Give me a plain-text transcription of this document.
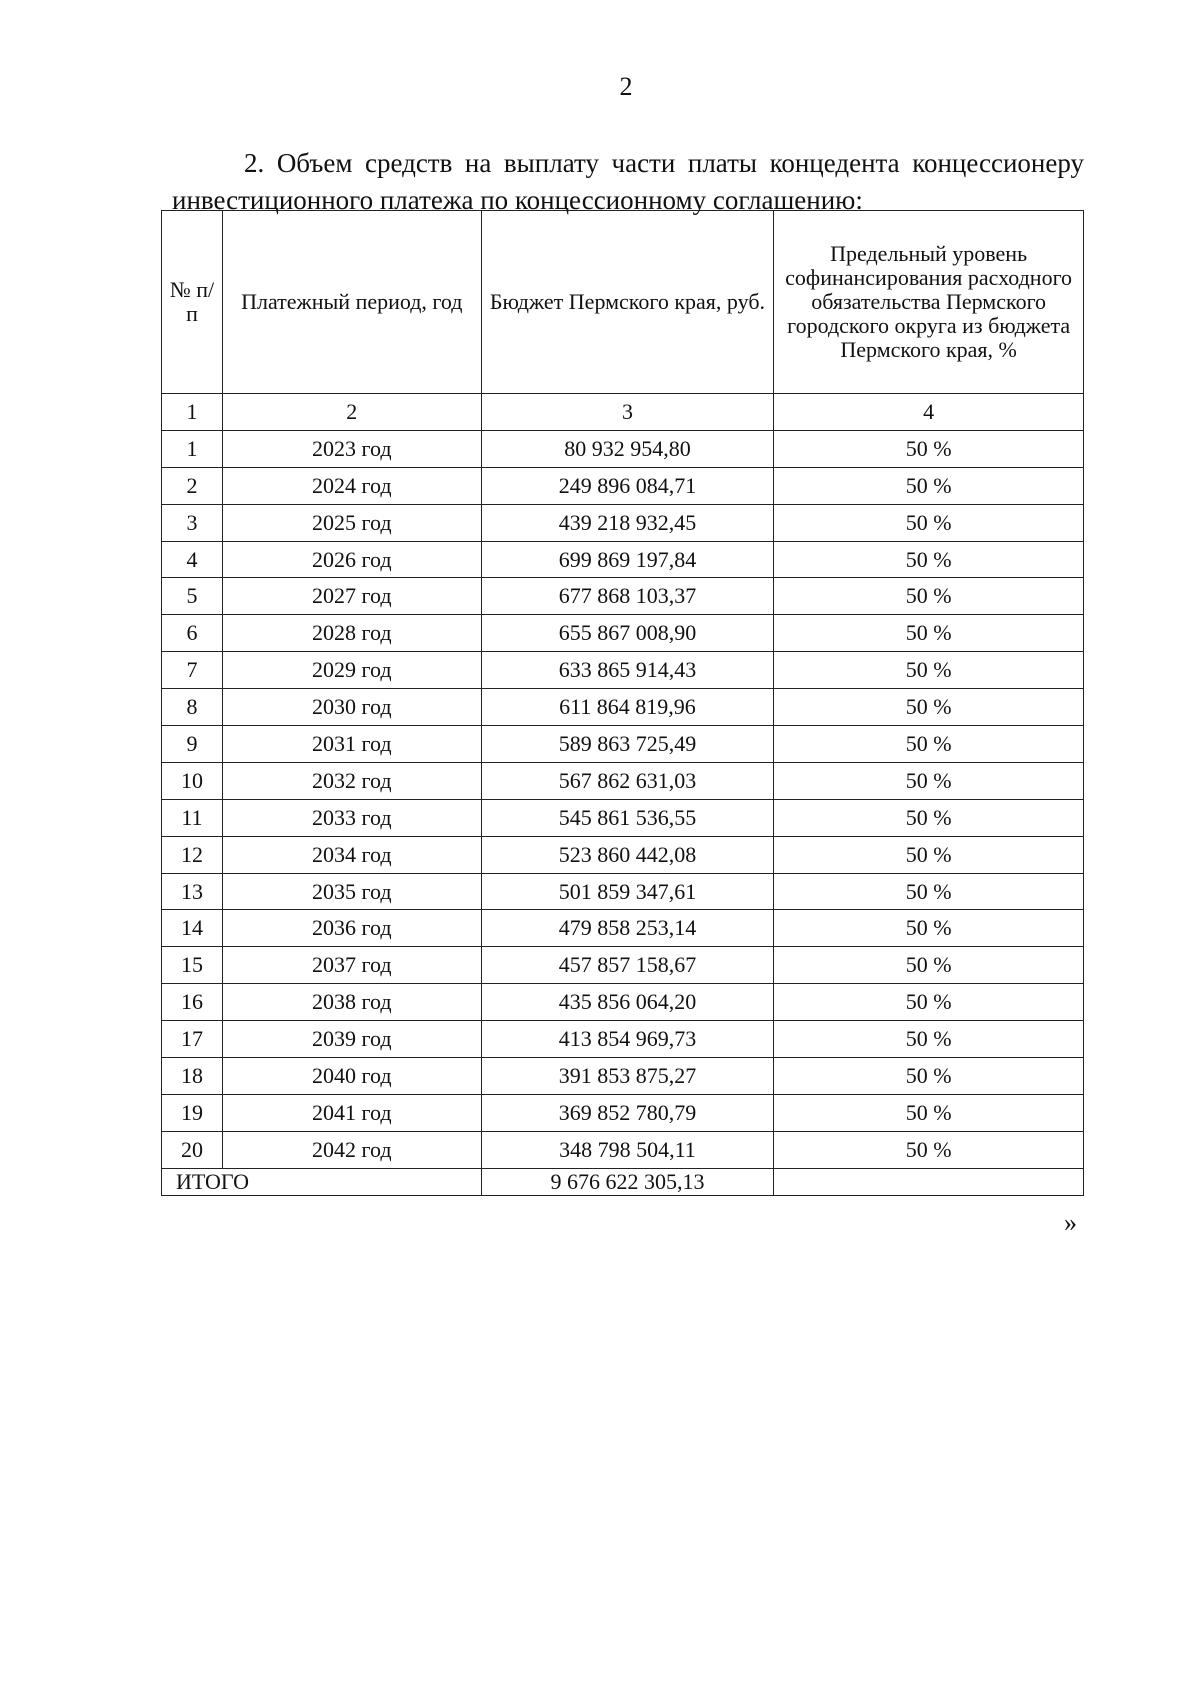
2

2. Объем средств на выплату части платы концедента концессионеру инвестиционного платежа по концессионному соглашению:

№ п/п	Платежный период, год	Бюджет Пермского края, руб.	Предельный уровень софинансирования расходного обязательства Пермского городского округа из бюджета Пермского края, %
1	2	3	4
1	2023 год	80 932 954,80	50 %
2	2024 год	249 896 084,71	50 %
3	2025 год	439 218 932,45	50 %
4	2026 год	699 869 197,84	50 %
5	2027 год	677 868 103,37	50 %
6	2028 год	655 867 008,90	50 %
7	2029 год	633 865 914,43	50 %
8	2030 год	611 864 819,96	50 %
9	2031 год	589 863 725,49	50 %
10	2032 год	567 862 631,03	50 %
11	2033 год	545 861 536,55	50 %
12	2034 год	523 860 442,08	50 %
13	2035 год	501 859 347,61	50 %
14	2036 год	479 858 253,14	50 %
15	2037 год	457 857 158,67	50 %
16	2038 год	435 856 064,20	50 %
17	2039 год	413 854 969,73	50 %
18	2040 год	391 853 875,27	50 %
19	2041 год	369 852 780,79	50 %
20	2042 год	348 798 504,11	50 %
ИТОГО		9 676 622 305,13	
»
